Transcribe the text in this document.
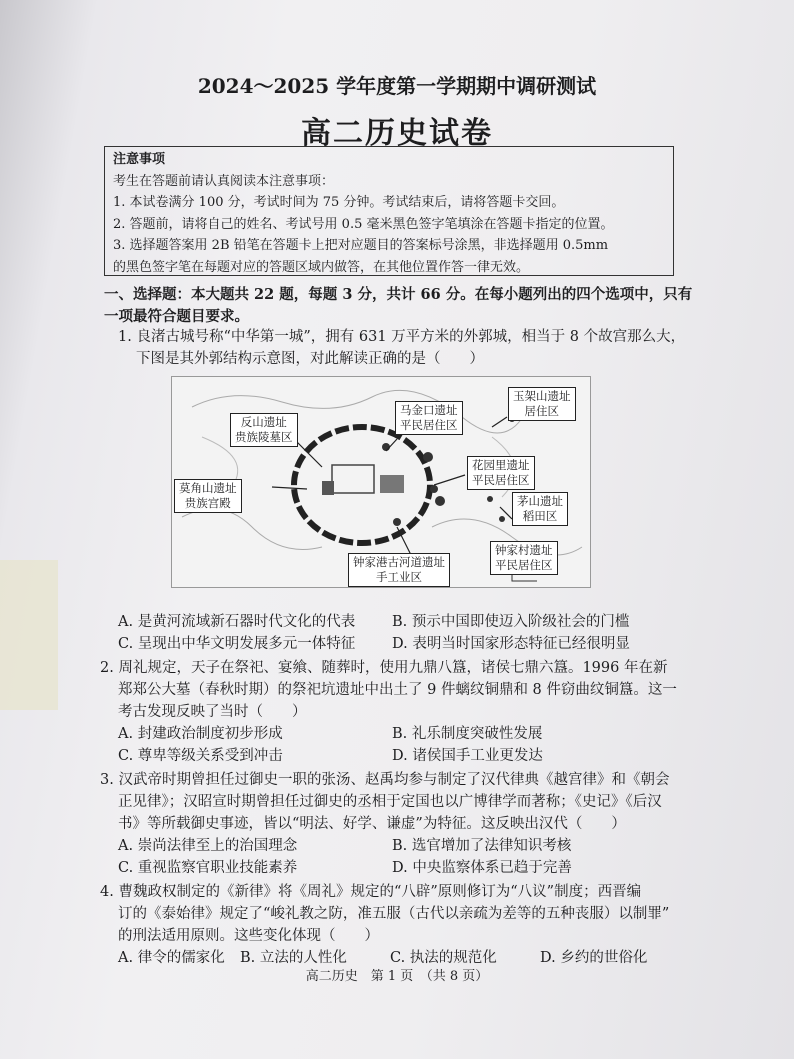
2024～2025 学年度第一学期期中调研测试
高二历史试卷
注意事项
考生在答题前请认真阅读本注意事项：
1. 本试卷满分 100 分，考试时间为 75 分钟。考试结束后，请将答题卡交回。
2. 答题前，请将自己的姓名、考试号用 0.5 毫米黑色签字笔填涂在答题卡指定的位置。
3. 选择题答案用 2B 铅笔在答题卡上把对应题目的答案标号涂黑，非选择题用 0.5mm
的黑色签字笔在每题对应的答题区域内做答，在其他位置作答一律无效。
一、选择题：本大题共 22 题，每题 3 分，共计 66 分。在每小题列出的四个选项中，只有
一项最符合题目要求。
1. 良渚古城号称“中华第一城”，拥有 631 万平方米的外郭城，相当于 8 个故宫那么大，
下图是其外郭结构示意图，对此解读正确的是（　　）
反山遗址
贵族陵墓区
马金口遗址
平民居住区
玉架山遗址
居住区
花园里遗址
平民居住区
莫角山遗址
贵族宫殿	茅山遗址
稻田区
钟家港古河道遗址
手工业区
钟家村遗址
平民居住区
A. 是黄河流域新石器时代文化的代表	B. 预示中国即使迈入阶级社会的门槛
C. 呈现出中华文明发展多元一体特征	D. 表明当时国家形态特征已经很明显
2. 周礼规定，天子在祭祀、宴飨、随葬时，使用九鼎八簋，诸侯七鼎六簋。1996 年在新
郑郑公大墓（春秋时期）的祭祀坑遗址中出土了 9 件螭纹铜鼎和 8 件窃曲纹铜簋。这一
考古发现反映了当时（　　）
A. 封建政治制度初步形成	B. 礼乐制度突破性发展
C. 尊卑等级关系受到冲击	D. 诸侯国手工业更发达
3. 汉武帝时期曾担任过御史一职的张汤、赵禹均参与制定了汉代律典《越宫律》和《朝会
正见律》；汉昭宣时期曾担任过御史的丞相于定国也以广博律学而著称；《史记》《后汉
书》等所载御史事迹，皆以“明法、好学、谦虚”为特征。这反映出汉代（　　）
A. 崇尚法律至上的治国理念	B. 选官增加了法律知识考核
C. 重视监察官职业技能素养	D. 中央监察体系已趋于完善
4. 曹魏政权制定的《新律》将《周礼》规定的“八辟”原则修订为“八议”制度；西晋编
订的《泰始律》规定了“峻礼教之防，准五服（古代以亲疏为差等的五种丧服）以制罪”
的刑法适用原则。这些变化体现（　　）
A. 律令的儒家化 B. 立法的人性化	C. 执法的规范化	D. 乡约的世俗化
高二历史　第 1 页　（共 8 页）
